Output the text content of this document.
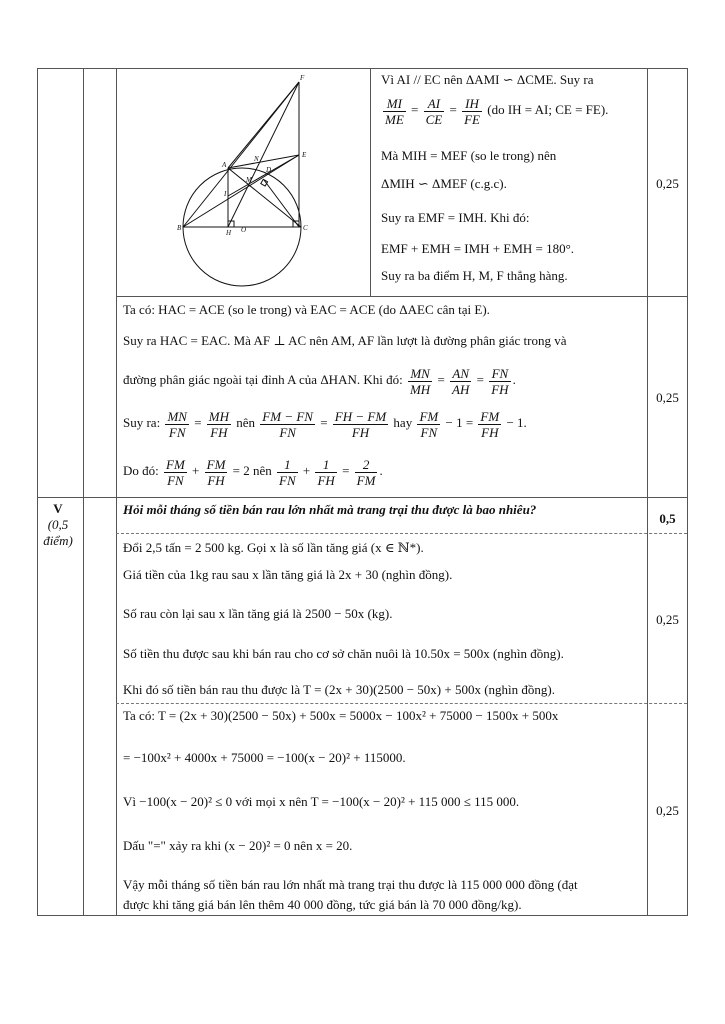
F
E
A
N
D
M
I
B
H O	C
Vì AI // EC nên ΔAMI ∽ ΔCME. Suy ra
$\frac{MI}{ME} = \frac{AI}{CE} = \frac{IH}{FE} (do$ IH = AI; CE = FE).
Mà MIH = MEF (so le trong) nên
ΔMIH ∽ ΔMEF (c.g.c).
Suy ra EMF = IMH. Khi đó:
EMF + EMH = IMH + EMH = 180°.
Suy ra ba điểm H, M, F thẳng hàng.
0,25
Ta có: HAC = ACE (so le trong) và EAC = ACE (do ΔAEC cân tại E).
Suy ra HAC = EAC. Mà AF ⊥ AC nên AM, AF lần lượt là đường phân giác trong và
đường phân giác ngoài tại đỉnh A của ΔHAN. Khi đó: $\frac{MN}{MH} = \frac{AN}{AH} = \frac{FN}{FH}$ .
Suy ra: $\frac{MN}{FN} = \frac{MH}{FH}$ nên $\frac{FM - FN}{FN} = \frac{FH - FM}{FH}$ hay $\frac{FM}{FN} - 1 = \frac{FM}{FH} - 1$.
Do đó: $\frac{FM}{FN} + \frac{FM}{FH} = 2$ nên $\frac{1}{FN} + \frac{1}{FH} = \frac{2}{FM}$ .
0,25
V
(0,5
điểm)
Hỏi mỗi tháng số tiền bán rau lớn nhất mà trang trại thu được là bao nhiêu?
0,5
Đổi 2,5 tấn = 2 500 kg. Gọi x là số lần tăng giá (x ∈ ℕ*).
Giá tiền của 1kg rau sau x lần tăng giá là 2x + 30 (nghìn đồng).
Số rau còn lại sau x lần tăng giá là 2500 − 50x (kg).
Số tiền thu được sau khi bán rau cho cơ sở chăn nuôi là 10.50x = 500x (nghìn đồng).
Khi đó số tiền bán rau thu được là T = (2x + 30)(2500 − 50x) + 500x (nghìn đồng).
0,25
Ta có: T = (2x + 30)(2500 − 50x) + 500x = 5000x − 100x² + 75000 − 1500x + 500x
= −100x² + 4000x + 75000 = −100(x − 20)² + 115000.
Vì −100(x − 20)² ≤ 0 với mọi x nên T = −100(x − 20)² + 115 000 ≤ 115 000.
Dấu "=" xảy ra khi (x − 20)² = 0 nên x = 20.
Vậy mỗi tháng số tiền bán rau lớn nhất mà trang trại thu được là 115 000 000 đồng (đạt
được khi tăng giá bán lên thêm 40 000 đồng, tức giá bán là 70 000 đồng/kg).
0,25
